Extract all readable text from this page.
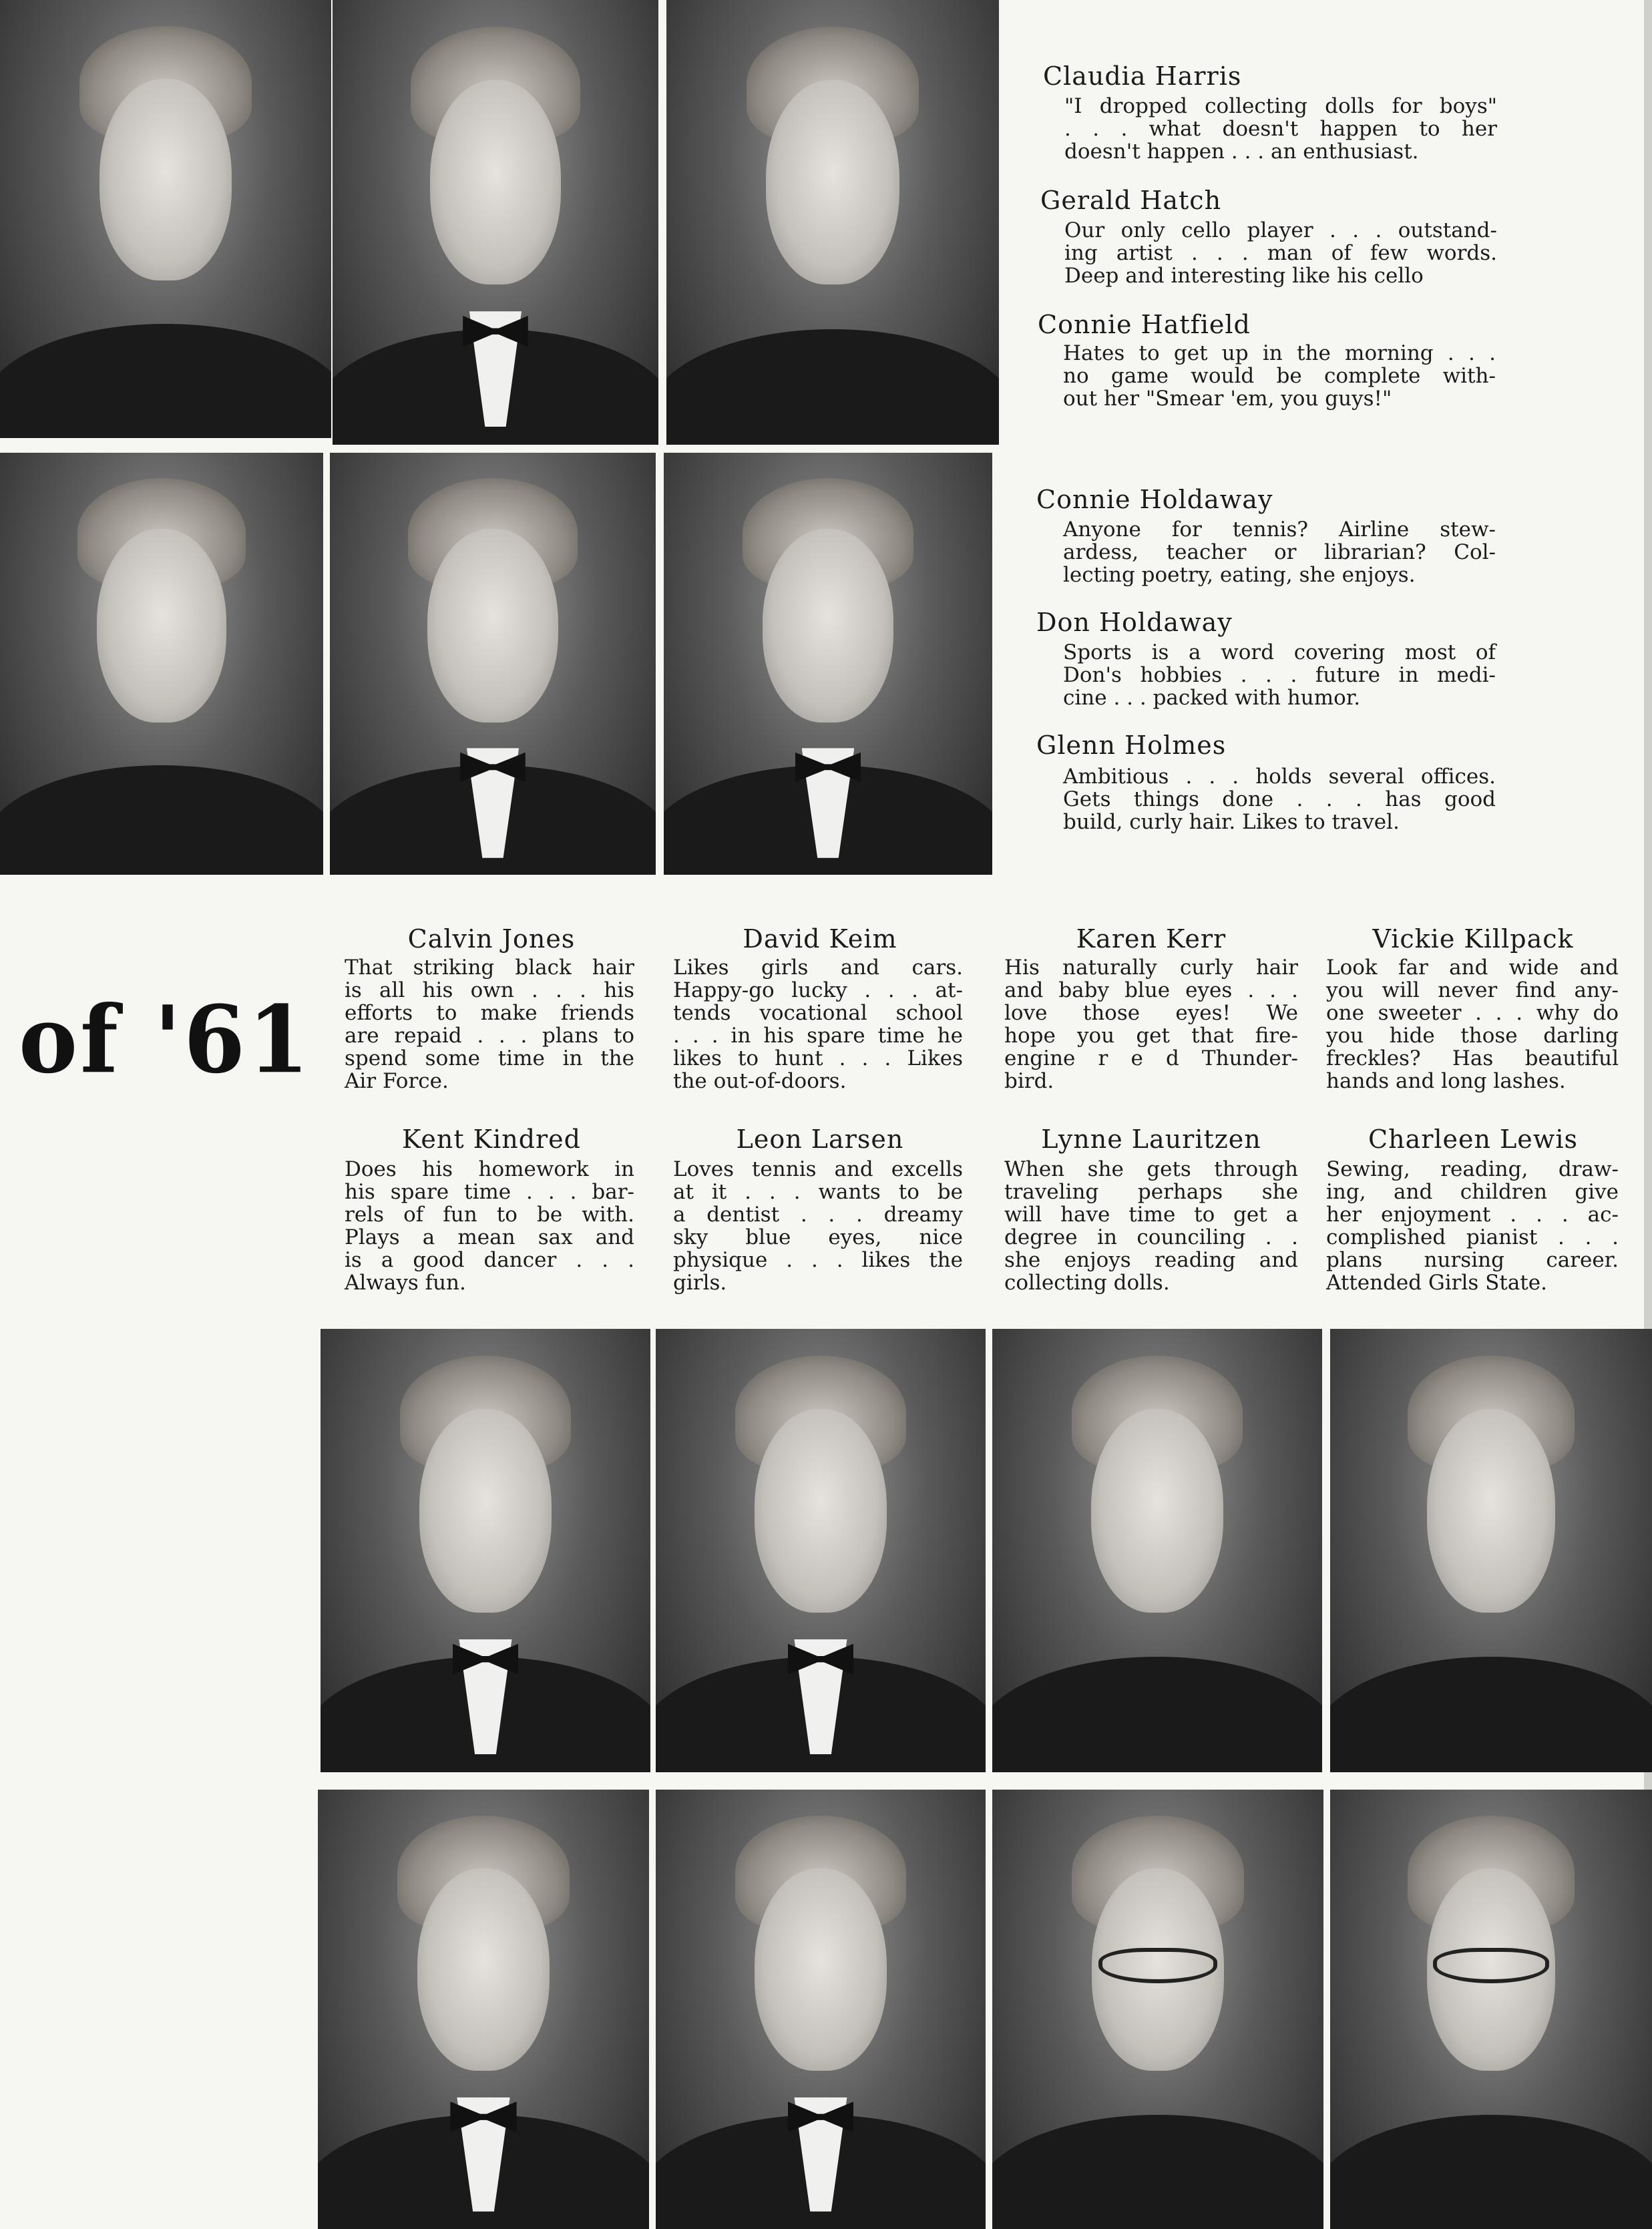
Claudia Harris
"I dropped collecting dolls for boys"
. . . what doesn't happen to her
doesn't happen . . . an enthusiast.
Gerald Hatch
Our only cello player . . . outstand-
ing artist . . . man of few words.
Deep and interesting like his cello
Connie Hatfield
Hates to get up in the morning . . .
no game would be complete with-
out her "Smear 'em, you guys!"
Connie Holdaway
Anyone for tennis? Airline stew-
ardess, teacher or librarian? Col-
lecting poetry, eating, she enjoys.
Don Holdaway
Sports is a word covering most of
Don's hobbies . . . future in medi-
cine . . . packed with humor.
Glenn Holmes
Ambitious . . . holds several offices.
Gets things done . . . has good
build, curly hair. Likes to travel.
of '61
Calvin Jones
That striking black hair
is all his own . . . his
efforts to make friends
are repaid . . . plans to
spend some time in the
Air Force.
David Keim
Likes girls and cars.
Happy-go lucky . . . at-
tends vocational school
. . . in his spare time he
likes to hunt . . . Likes
the out-of-doors.
Karen Kerr
His naturally curly hair
and baby blue eyes . . .
love those eyes! We
hope you get that fire-
engine r e d Thunder-
bird.
Vickie Killpack
Look far and wide and
you will never find any-
one sweeter . . . why do
you hide those darling
freckles? Has beautiful
hands and long lashes.
Kent Kindred
Does his homework in
his spare time . . . bar-
rels of fun to be with.
Plays a mean sax and
is a good dancer . . .
Always fun.
Leon Larsen
Loves tennis and excells
at it . . . wants to be
a dentist . . . dreamy
sky blue eyes, nice
physique . . . likes the
girls.
Lynne Lauritzen
When she gets through
traveling perhaps she
will have time to get a
degree in counciling . .
she enjoys reading and
collecting dolls.
Charleen Lewis
Sewing, reading, draw-
ing, and children give
her enjoyment . . . ac-
complished pianist . . .
plans nursing career.
Attended Girls State.
